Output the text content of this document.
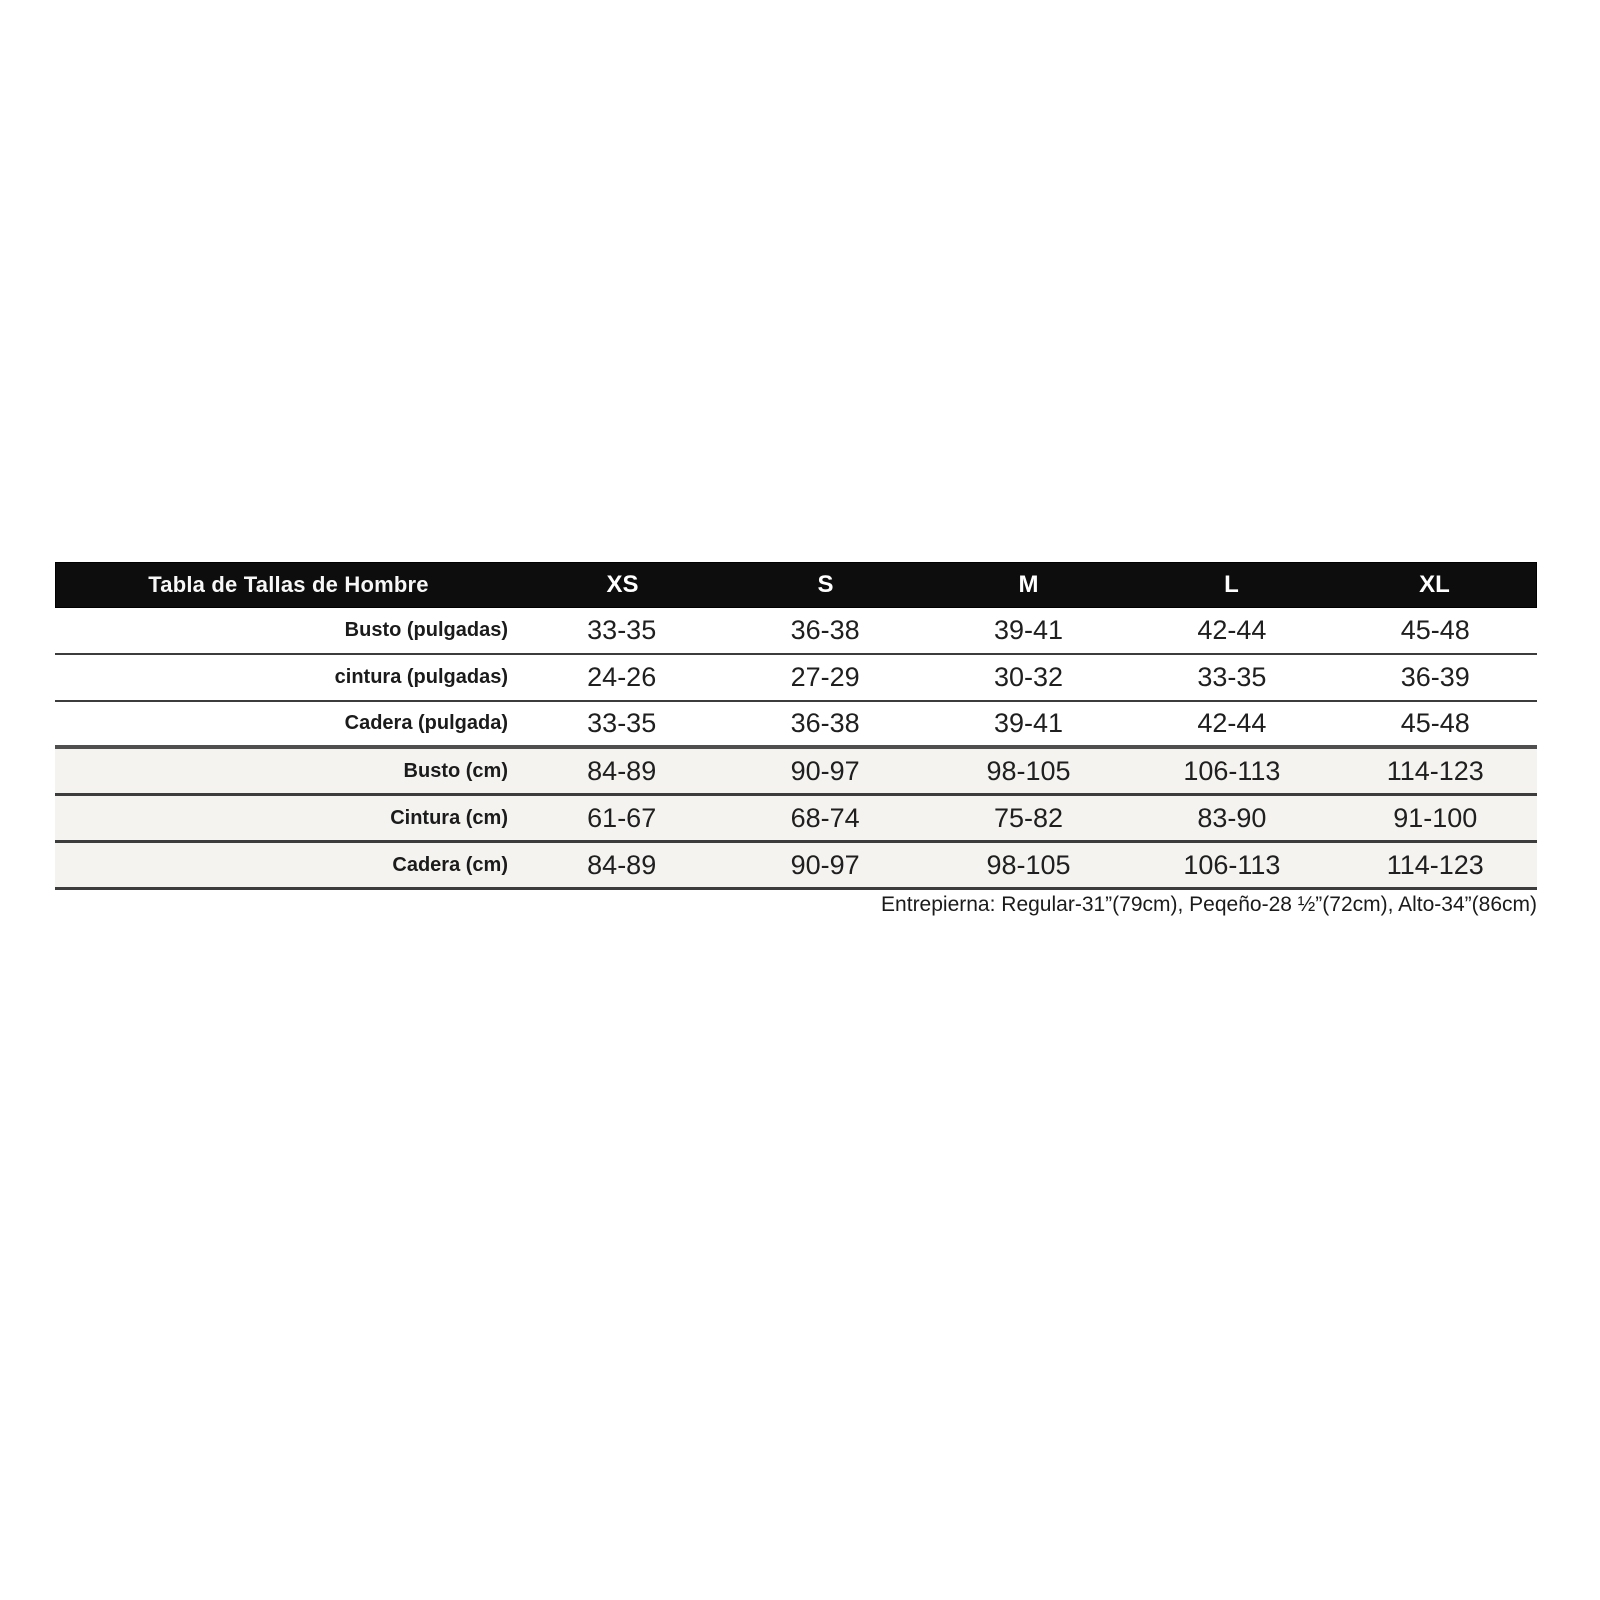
Tabla de Tallas de Hombre	XS	S	M	L	XL
Busto (pulgadas)	33-35	36-38	39-41	42-44	45-48
cintura (pulgadas)	24-26	27-29	30-32	33-35	36-39
Cadera (pulgada)	33-35	36-38	39-41	42-44	45-48
Busto (cm)	84-89	90-97	98-105	106-113	114-123
Cintura (cm)	61-67	68-74	75-82	83-90	91-100
Cadera (cm)	84-89	90-97	98-105	106-113	114-123
Entrepierna: Regular-31”(79cm), Peqeño-28 ½”(72cm), Alto-34”(86cm)
